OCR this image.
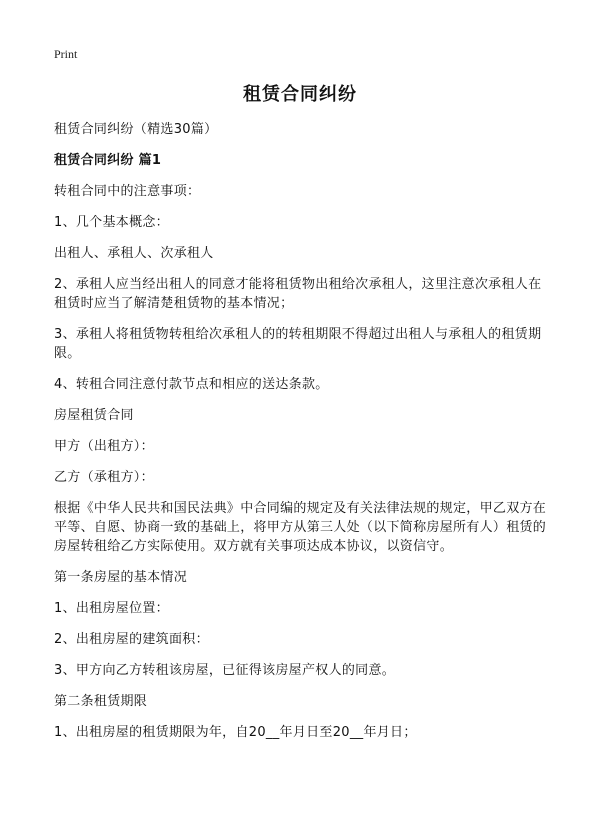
Print
租赁合同纠纷

租赁合同纠纷（精选30篇）

租赁合同纠纷 篇1

转租合同中的注意事项：

1、几个基本概念：

出租人、承租人、次承租人

2、承租人应当经出租人的同意才能将租赁物出租给次承租人，这里注意次承租人在租赁时应当了解清楚租赁物的基本情况；

3、承租人将租赁物转租给次承租人的的转租期限不得超过出租人与承租人的租赁期限。

4、转租合同注意付款节点和相应的送达条款。

房屋租赁合同

甲方（出租方）：

乙方（承租方）：

根据《中华人民共和国民法典》中合同编的规定及有关法律法规的规定，甲乙双方在平等、自愿、协商一致的基础上，将甲方从第三人处（以下简称房屋所有人）租赁的房屋转租给乙方实际使用。双方就有关事项达成本协议，以资信守。

第一条房屋的基本情况

1、出租房屋位置：

2、出租房屋的建筑面积：

3、甲方向乙方转租该房屋，已征得该房屋产权人的同意。

第二条租赁期限

1、出租房屋的租赁期限为年，自20__年月日至20__年月日；
